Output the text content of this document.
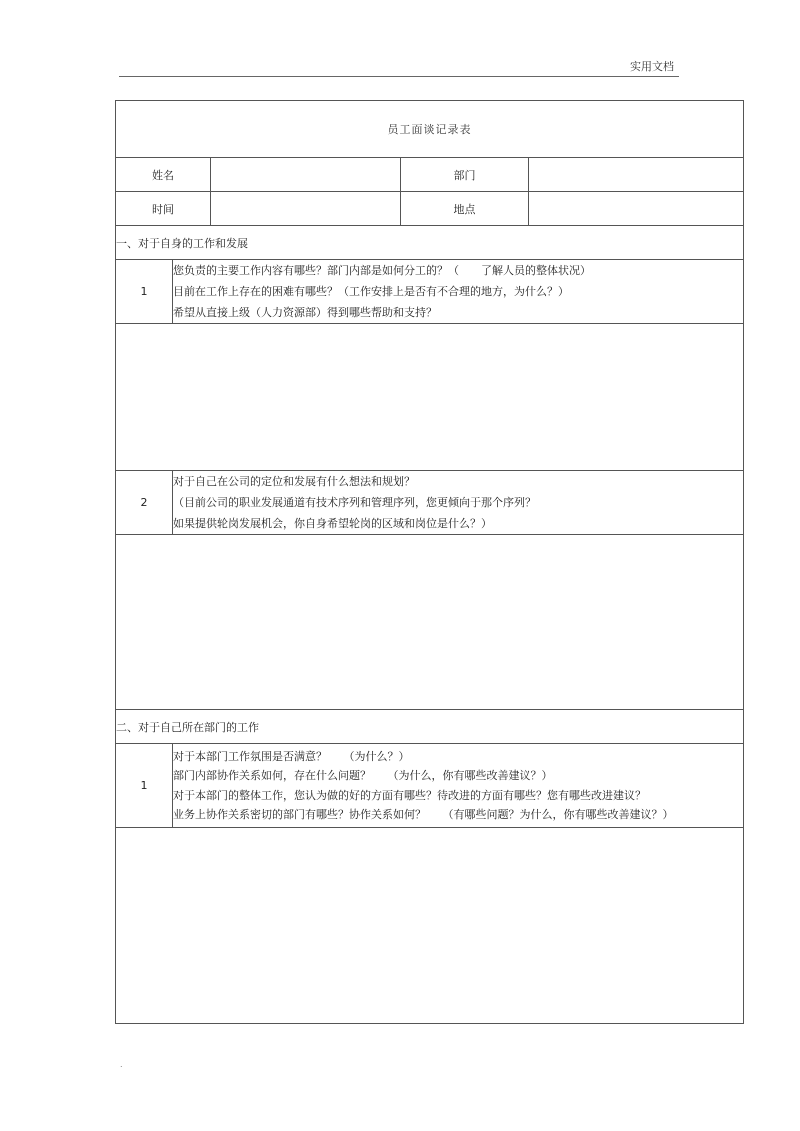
实用文档
员工面谈记录表				
姓名			部门	
时间			地点	
一、对于自身的工作和发展				
1	您负责的主要工作内容有哪些？部门内部是如何分工的？（　　了解人员的整体状况）
目前在工作上存在的困难有哪些？（工作安排上是否有不合理的地方，为什么？）
希望从直接上级（人力资源部）得到哪些帮助和支持？			

2	对于自己在公司的定位和发展有什么想法和规划？
（目前公司的职业发展通道有技术序列和管理序列，您更倾向于那个序列？
如果提供轮岗发展机会，你自身希望轮岗的区域和岗位是什么？）			

二、对于自己所在部门的工作				
1	对于本部门工作氛围是否满意？　　（为什么？）
部门内部协作关系如何，存在什么问题？　　（为什么，你有哪些改善建议？）
对于本部门的整体工作，您认为做的好的方面有哪些？待改进的方面有哪些？您有哪些改进建议？
业务上协作关系密切的部门有哪些？协作关系如何？　　（有哪些问题？为什么，你有哪些改善建议？）			

.
